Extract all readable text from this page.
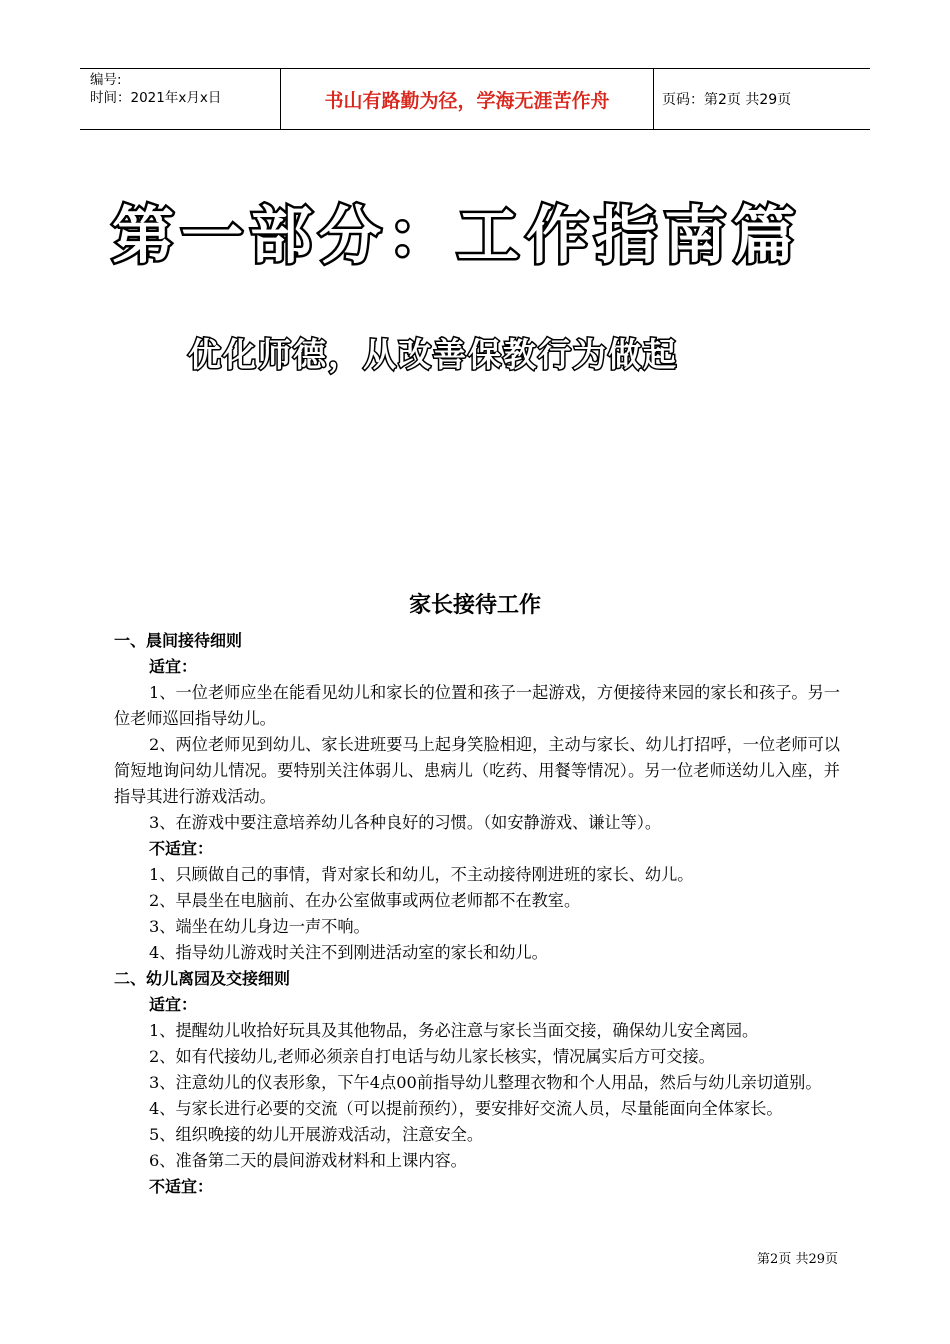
编号:
时间：2021年x月x日	书山有路勤为径，学海无涯苦作舟	页码：第2页 共29页
第一部分：工作指南篇
优化师德，从改善保教行为做起
家长接待工作

一、晨间接待细则

适宜：

1、一位老师应坐在能看见幼儿和家长的位置和孩子一起游戏，方便接待来园的家长和孩子。另一位老师巡回指导幼儿。

2、两位老师见到幼儿、家长进班要马上起身笑脸相迎，主动与家长、幼儿打招呼，一位老师可以简短地询问幼儿情况。要特别关注体弱儿、患病儿（吃药、用餐等情况）。另一位老师送幼儿入座，并指导其进行游戏活动。

3、在游戏中要注意培养幼儿各种良好的习惯。（如安静游戏、谦让等）。

不适宜：

1、只顾做自己的事情，背对家长和幼儿，不主动接待刚进班的家长、幼儿。

2、早晨坐在电脑前、在办公室做事或两位老师都不在教室。

3、端坐在幼儿身边一声不响。

4、指导幼儿游戏时关注不到刚进活动室的家长和幼儿。

二、幼儿离园及交接细则

适宜：

1、提醒幼儿收拾好玩具及其他物品，务必注意与家长当面交接，确保幼儿安全离园。

2、如有代接幼儿,老师必须亲自打电话与幼儿家长核实，情况属实后方可交接。

3、注意幼儿的仪表形象，下午4点00前指导幼儿整理衣物和个人用品，然后与幼儿亲切道别。

4、与家长进行必要的交流（可以提前预约），要安排好交流人员，尽量能面向全体家长。

5、组织晚接的幼儿开展游戏活动，注意安全。

6、准备第二天的晨间游戏材料和上课内容。

不适宜：

第2页 共29页
